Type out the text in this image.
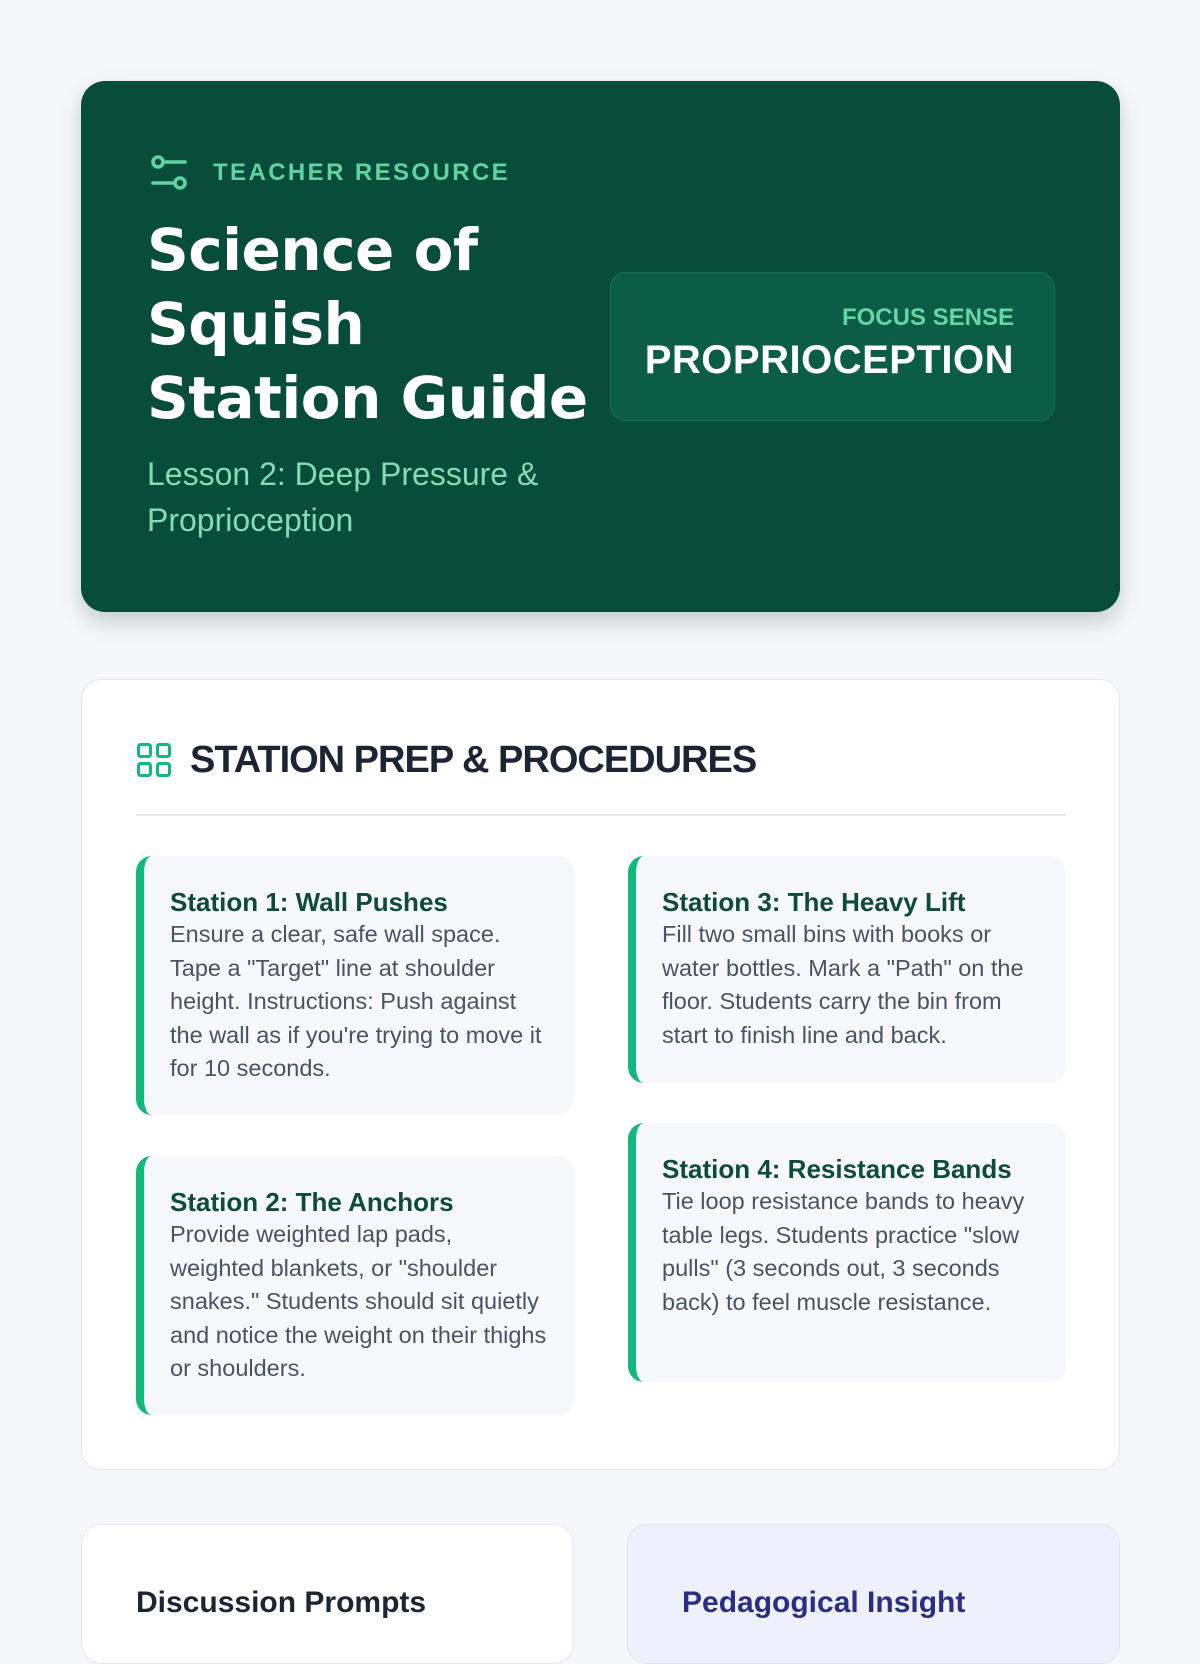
TEACHER RESOURCE
Science of Squish Station Guide

Lesson 2: Deep Pressure & Proprioception

FOCUS SENSE
PROPRIOCEPTION
STATION PREP & PROCEDURES
Station 1: Wall Pushes

Ensure a clear, safe wall space. Tape a "Target" line at shoulder height. Instructions: Push against the wall as if you're trying to move it for 10 seconds.

Station 2: The Anchors

Provide weighted lap pads, weighted blankets, or "shoulder snakes." Students should sit quietly and notice the weight on their thighs or shoulders.

Station 3: The Heavy Lift

Fill two small bins with books or water bottles. Mark a "Path" on the floor. Students carry the bin from start to finish line and back.

Station 4: Resistance Bands

Tie loop resistance bands to heavy table legs. Students practice "slow pulls" (3 seconds out, 3 seconds back) to feel muscle resistance.

Discussion Prompts	Pedagogical Insight
